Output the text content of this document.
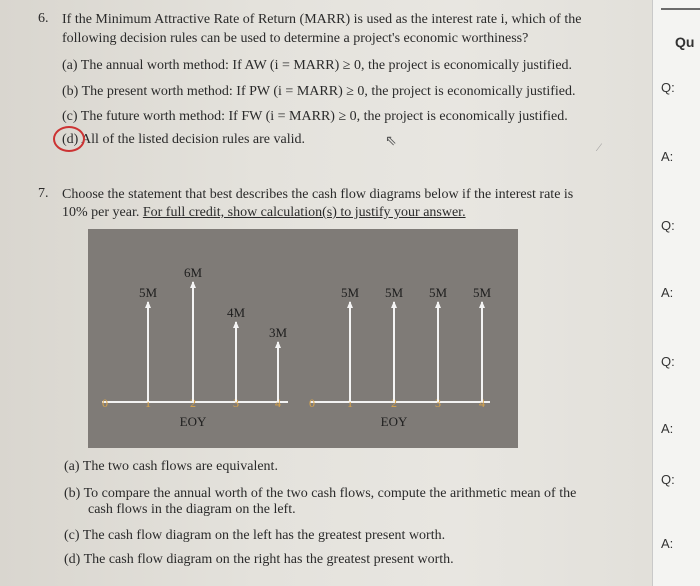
6. If the Minimum Attractive Rate of Return (MARR) is used as the interest rate i, which of the
following decision rules can be used to determine a project's economic worthiness?
(a) The annual worth method: If AW (i = MARR) ≥ 0, the project is economically justified.
(b) The present worth method: If PW (i = MARR) ≥ 0, the project is economically justified.
(c) The future worth method: If FW (i = MARR) ≥ 0, the project is economically justified.
(d) All of the listed decision rules are valid.	⇖	⁄
7. Choose the statement that best describes the cash flow diagrams below if the interest rate is
10% per year. For full credit, show calculation(s) to justify your answer.
0	1	2	3	4
5M
6M
4M
3M
EOY
0	1	2	3	4
5M 5M 5M 5M
EOY
(a) The two cash flows are equivalent.
(b) To compare the annual worth of the two cash flows, compute the arithmetic mean of the
cash flows in the diagram on the left.
(c) The cash flow diagram on the left has the greatest present worth.
(d) The cash flow diagram on the right has the greatest present worth.
Qu
Q:
A:
Q:
A:
Q:
A:
Q:
A:
